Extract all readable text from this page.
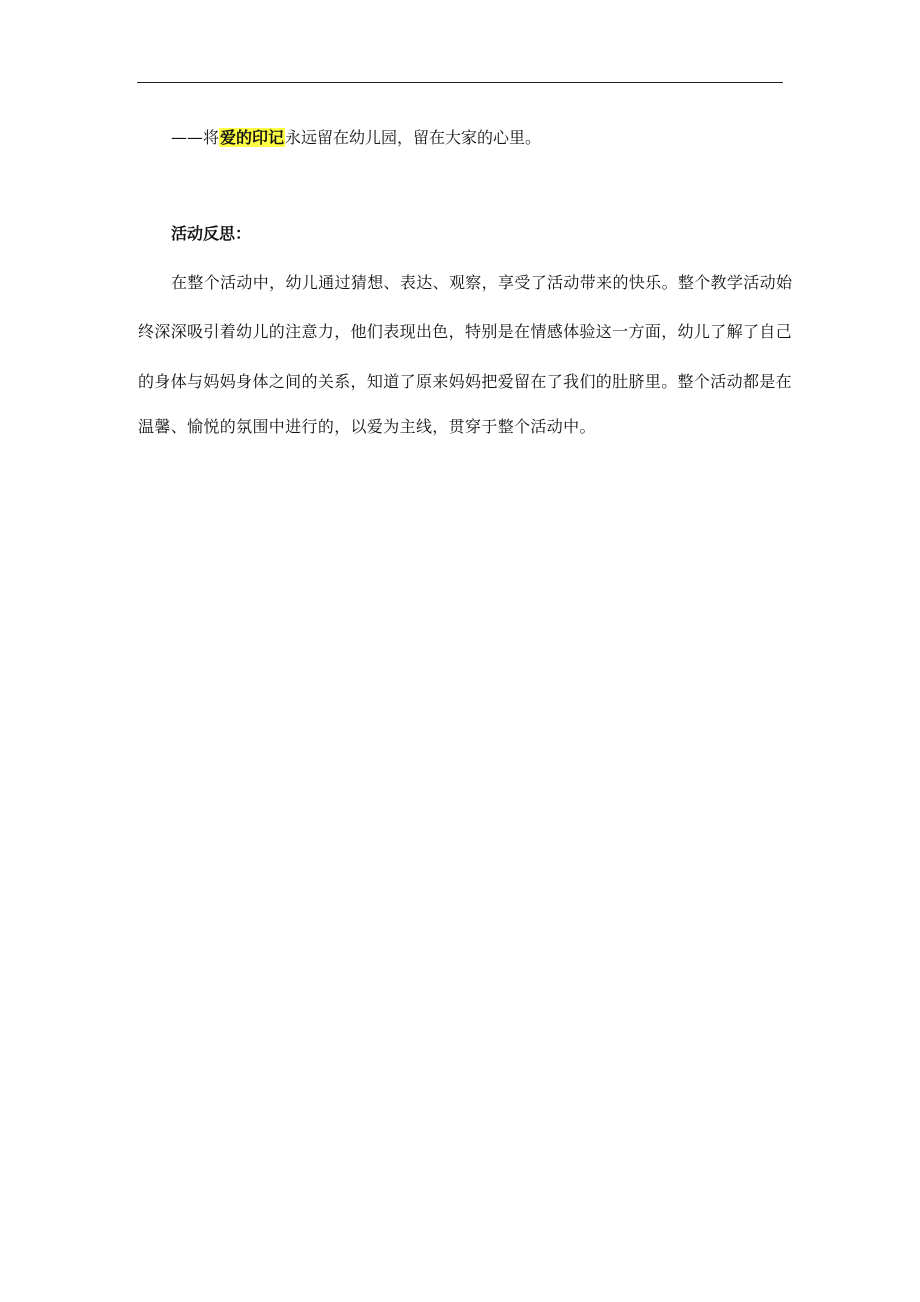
——将爱的印记永远留在幼儿园，留在大家的心里。
活动反思：
在整个活动中，幼儿通过猜想、表达、观察，享受了活动带来的快乐。整个教学活动始
终深深吸引着幼儿的注意力，他们表现出色，特别是在情感体验这一方面，幼儿了解了自己
的身体与妈妈身体之间的关系，知道了原来妈妈把爱留在了我们的肚脐里。整个活动都是在
温馨、愉悦的氛围中进行的，以爱为主线，贯穿于整个活动中。
